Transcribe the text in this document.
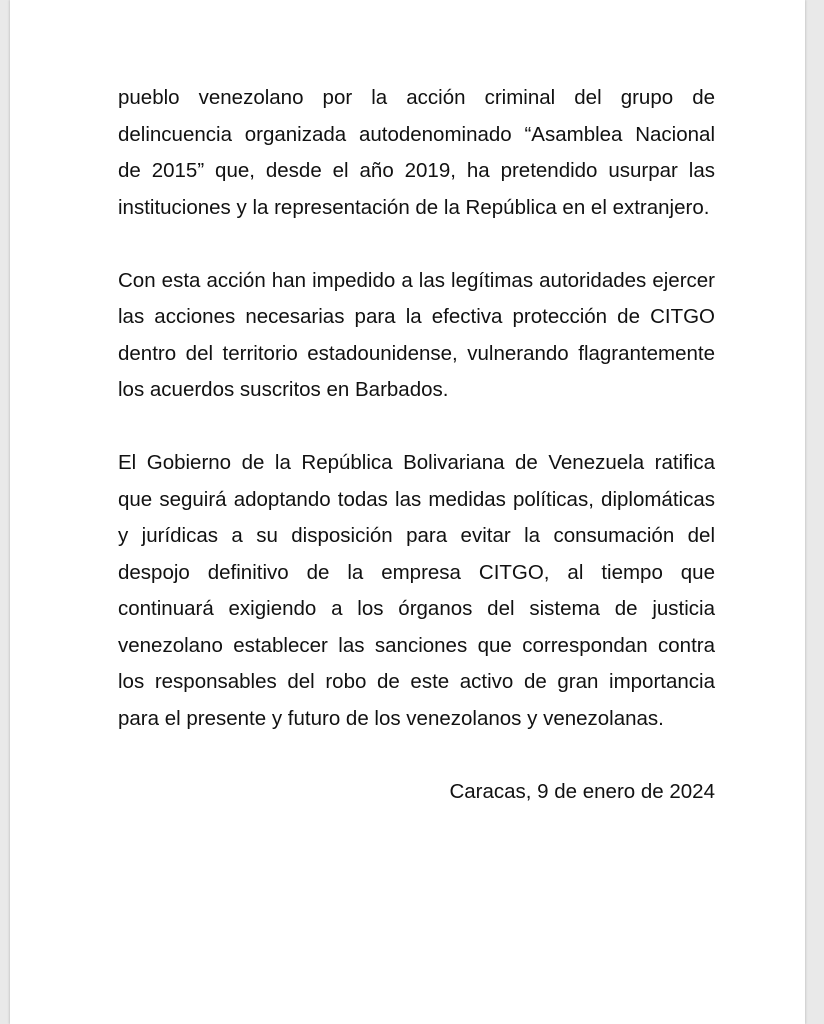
pueblo venezolano por la acción criminal del grupo de delincuencia organizada autodenominado “Asamblea Nacional de 2015” que, desde el año 2019, ha pretendido usurpar las instituciones y la representación de la República en el extranjero.

Con esta acción han impedido a las legítimas autoridades ejercer las acciones necesarias para la efectiva protección de CITGO dentro del territorio estadounidense, vulnerando flagrantemente los acuerdos suscritos en Barbados.

El Gobierno de la República Bolivariana de Venezuela ratifica que seguirá adoptando todas las medidas políticas, diplomáticas y jurídicas a su disposición para evitar la consumación del despojo definitivo de la empresa CITGO, al tiempo que continuará exigiendo a los órganos del sistema de justicia venezolano establecer las sanciones que correspondan contra los responsables del robo de este activo de gran importancia para el presente y futuro de los venezolanos y venezolanas.

Caracas, 9 de enero de 2024
